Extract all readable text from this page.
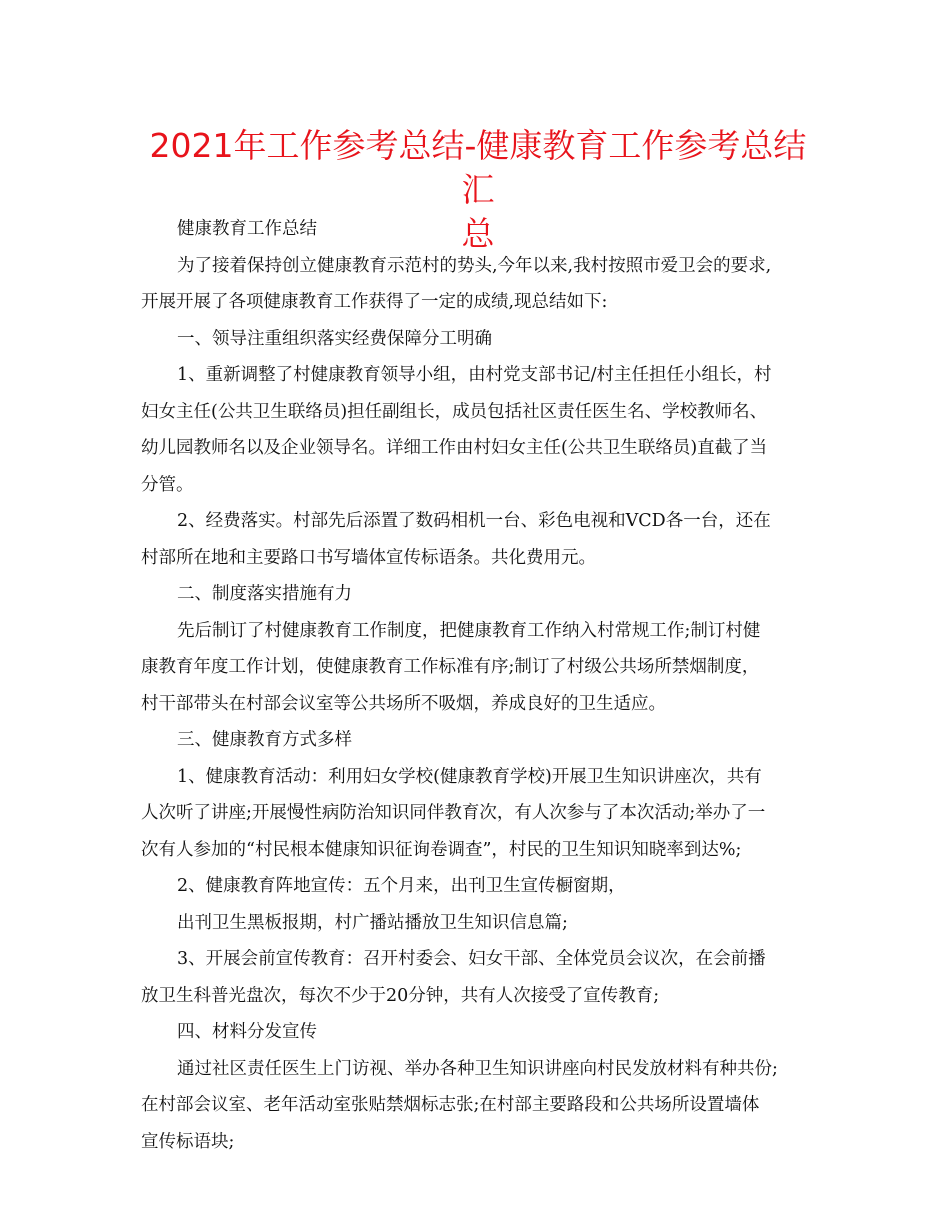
2021年工作参考总结-健康教育工作参考总结汇
总
健康教育工作总结
为了接着保持创立健康教育示范村的势头,今年以来,我村按照市爱卫会的要求,
开展开展了各项健康教育工作获得了一定的成绩,现总结如下:
一、领导注重组织落实经费保障分工明确
1、重新调整了村健康教育领导小组，由村党支部书记/村主任担任小组长，村
妇女主任(公共卫生联络员)担任副组长，成员包括社区责任医生名、学校教师名、
幼儿园教师名以及企业领导名。详细工作由村妇女主任(公共卫生联络员)直截了当
分管。
2、经费落实。村部先后添置了数码相机一台、彩色电视和VCD各一台，还在
村部所在地和主要路口书写墙体宣传标语条。共化费用元。
二、制度落实措施有力
先后制订了村健康教育工作制度，把健康教育工作纳入村常规工作;制订村健
康教育年度工作计划，使健康教育工作标准有序;制订了村级公共场所禁烟制度，
村干部带头在村部会议室等公共场所不吸烟，养成良好的卫生适应。
三、健康教育方式多样
1、健康教育活动：利用妇女学校(健康教育学校)开展卫生知识讲座次，共有
人次听了讲座;开展慢性病防治知识同伴教育次，有人次参与了本次活动;举办了一
次有人参加的“村民根本健康知识征询卷调查”，村民的卫生知识知晓率到达%;
2、健康教育阵地宣传：五个月来，出刊卫生宣传橱窗期，
出刊卫生黑板报期，村广播站播放卫生知识信息篇;
3、开展会前宣传教育：召开村委会、妇女干部、全体党员会议次，在会前播
放卫生科普光盘次，每次不少于20分钟，共有人次接受了宣传教育;
四、材料分发宣传
通过社区责任医生上门访视、举办各种卫生知识讲座向村民发放材料有种共份;
在村部会议室、老年活动室张贴禁烟标志张;在村部主要路段和公共场所设置墙体
宣传标语块;
